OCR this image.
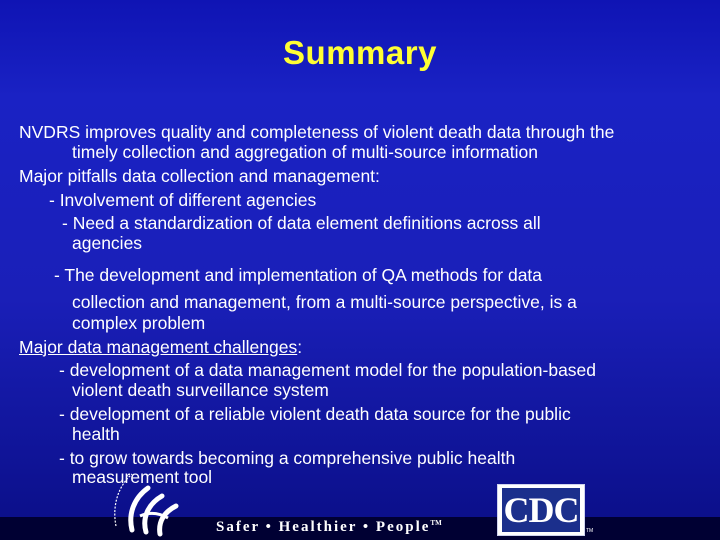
Summary
NVDRS improves quality and completeness of violent death data through the
timely collection and aggregation of multi-source information
Major pitfalls data collection and management:
- Involvement of different agencies
- Need a standardization of data element definitions across all
agencies
- The development and implementation of QA methods for data
collection and management, from a multi-source perspective, is a
complex problem
Major data management challenges:
- development of a data management model for the population-based
violent death surveillance system
- development of a reliable violent death data source for the public
health
- to grow towards becoming a comprehensive public health
measurement tool
Safer • Healthier • People™ CDC
TM
